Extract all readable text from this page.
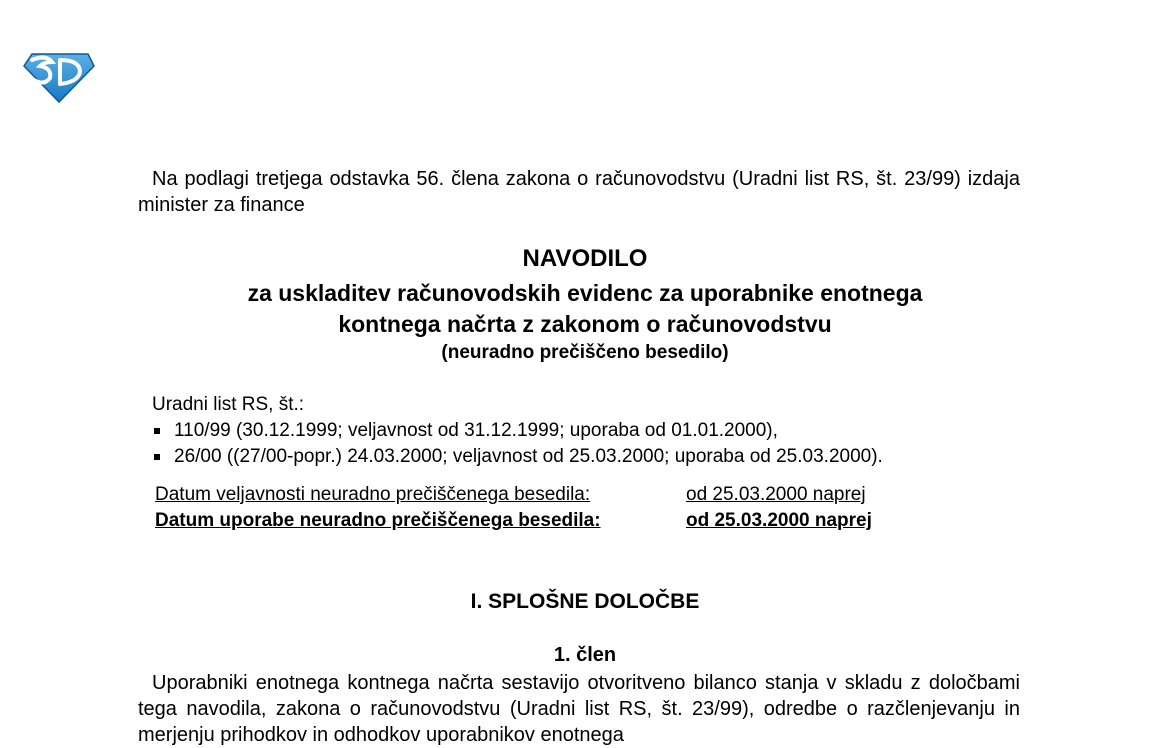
Na podlagi tretjega odstavka 56. člena zakona o računovodstvu (Uradni list RS, št. 23/99) izdaja minister za finance

NAVODILO
za uskladitev računovodskih evidenc za uporabnike enotnega
kontnega načrta z zakonom o računovodstvu
(neuradno prečiščeno besedilo)
Uradni list RS, št.:
110/99 (30.12.1999; veljavnost od 31.12.1999; uporaba od 01.01.2000),
26/00 ((27/00-popr.) 24.03.2000; veljavnost od 25.03.2000; uporaba od 25.03.2000).
Datum veljavnosti neuradno prečiščenega besedila:	od 25.03.2000 naprej
Datum uporabe neuradno prečiščenega besedila:	od 25.03.2000 naprej
I. SPLOŠNE DOLOČBE
1. člen

Uporabniki enotnega kontnega načrta sestavijo otvoritveno bilanco stanja v skladu z določbami tega navodila, zakona o računovodstvu (Uradni list RS, št. 23/99), odredbe o razčlenjevanju in merjenju prihodkov in odhodkov uporabnikov enotnega
